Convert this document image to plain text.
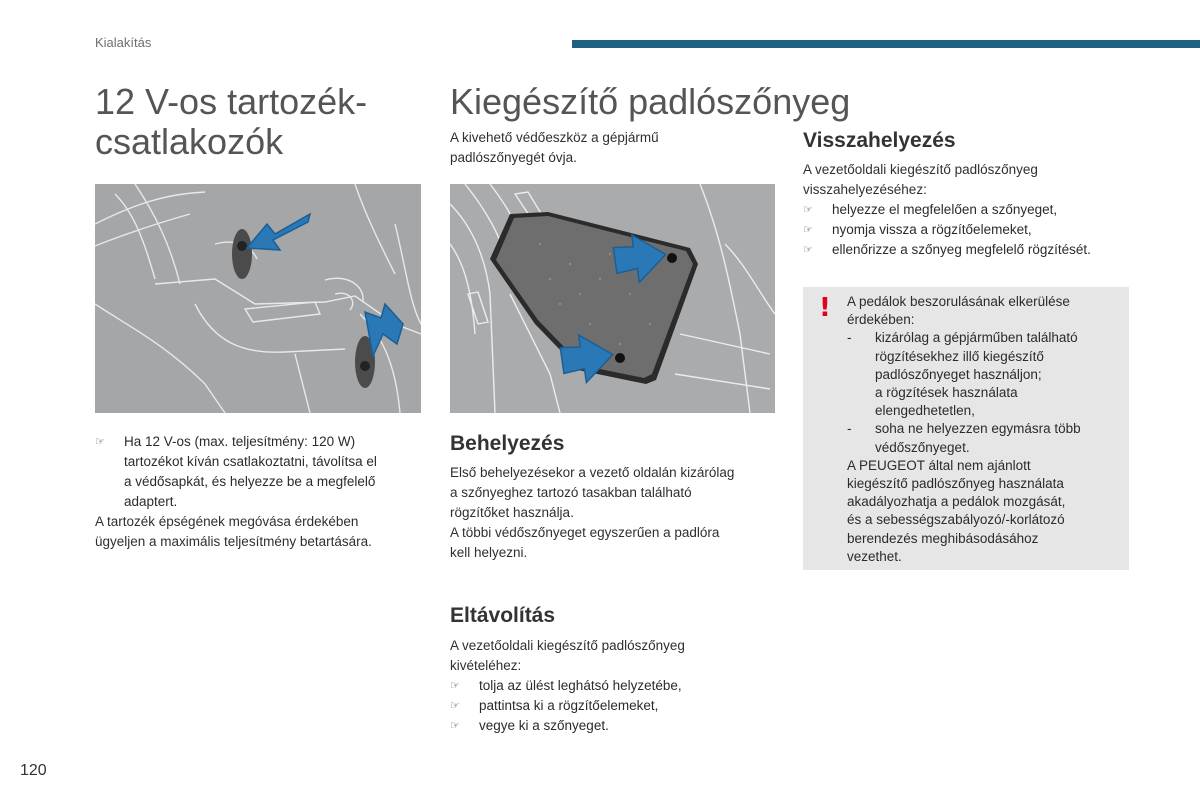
Kialakítás
12 V-os tartozék-
csatlakozók
☞ Ha 12 V-os (max. teljesítmény: 120 W)
tartozékot kíván csatlakoztatni, távolítsa el
a védősapkát, és helyezze be a megfelelő
adaptert.
A tartozék épségének megóvása érdekében
ügyeljen a maximális teljesítmény betartására.
Kiegészítő padlószőnyeg
A kivehető védőeszköz a gépjármű
padlószőnyegét óvja.
Behelyezés
Első behelyezésekor a vezető oldalán kizárólag
a szőnyeghez tartozó tasakban található
rögzítőket használja.
A többi védőszőnyeget egyszerűen a padlóra
kell helyezni.
Eltávolítás
A vezetőoldali kiegészítő padlószőnyeg
kivételéhez:
☞ tolja az ülést leghátsó helyzetébe,
☞ pattintsa ki a rögzítőelemeket,
☞ vegye ki a szőnyeget.
Visszahelyezés
A vezetőoldali kiegészítő padlószőnyeg
visszahelyezéséhez:
☞ helyezze el megfelelően a szőnyeget,
☞ nyomja vissza a rögzítőelemeket,
☞ ellenőrizze a szőnyeg megfelelő rögzítését.
! A pedálok beszorulásának elkerülése
érdekében:
- kizárólag a gépjárműben található
rögzítésekhez illő kiegészítő
padlószőnyeget használjon;
a rögzítések használata
elengedhetetlen,
- soha ne helyezzen egymásra több
védőszőnyeget.
A PEUGEOT által nem ajánlott
kiegészítő padlószőnyeg használata
akadályozhatja a pedálok mozgását,
és a sebességszabályozó/-korlátozó
berendezés meghibásodásához
vezethet.
120
